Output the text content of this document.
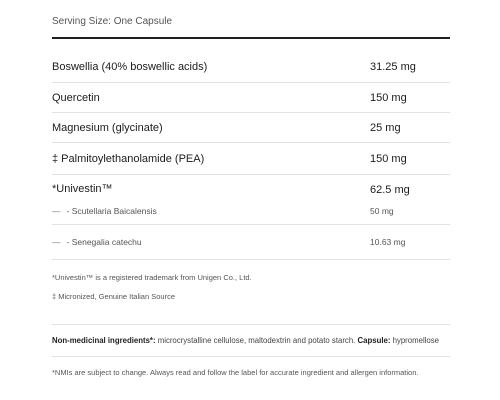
Serving Size: One Capsule
Boswellia (40% boswellic acids)	31.25 mg
Quercetin	150 mg
Magnesium (glycinate)	25 mg
‡ Palmitoylethanolamide (PEA)	150 mg
*Univestin™	62.5 mg
— - Scutellaria Baicalensis	50 mg
— - Senegalia catechu	10.63 mg
*Univestin™ is a registered trademark from Unigen Co., Ltd.
‡ Micronized, Genuine Italian Source
Non-medicinal ingredients*: microcrystalline cellulose, maltodextrin and potato starch. Capsule: hypromellose
*NMIs are subject to change. Always read and follow the label for accurate ingredient and allergen information.
